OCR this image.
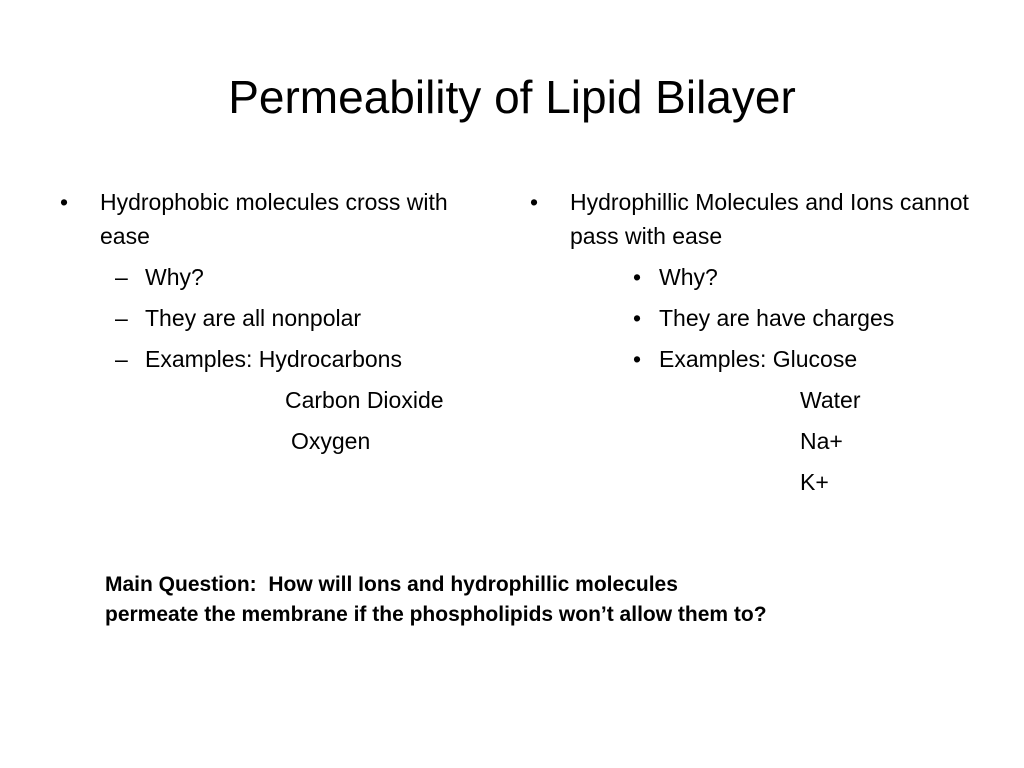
Permeability of Lipid Bilayer
• Hydrophobic molecules cross with ease
– Why?
– They are all nonpolar
– Examples: Hydrocarbons
Carbon Dioxide
Oxygen
• Hydrophillic Molecules and Ions cannot pass with ease
• Why?
• They are have charges
• Examples: Glucose
Water
Na+
K+
Main Question:  How will Ions and hydrophillic molecules
permeate the membrane if the phospholipids won’t allow them to?
